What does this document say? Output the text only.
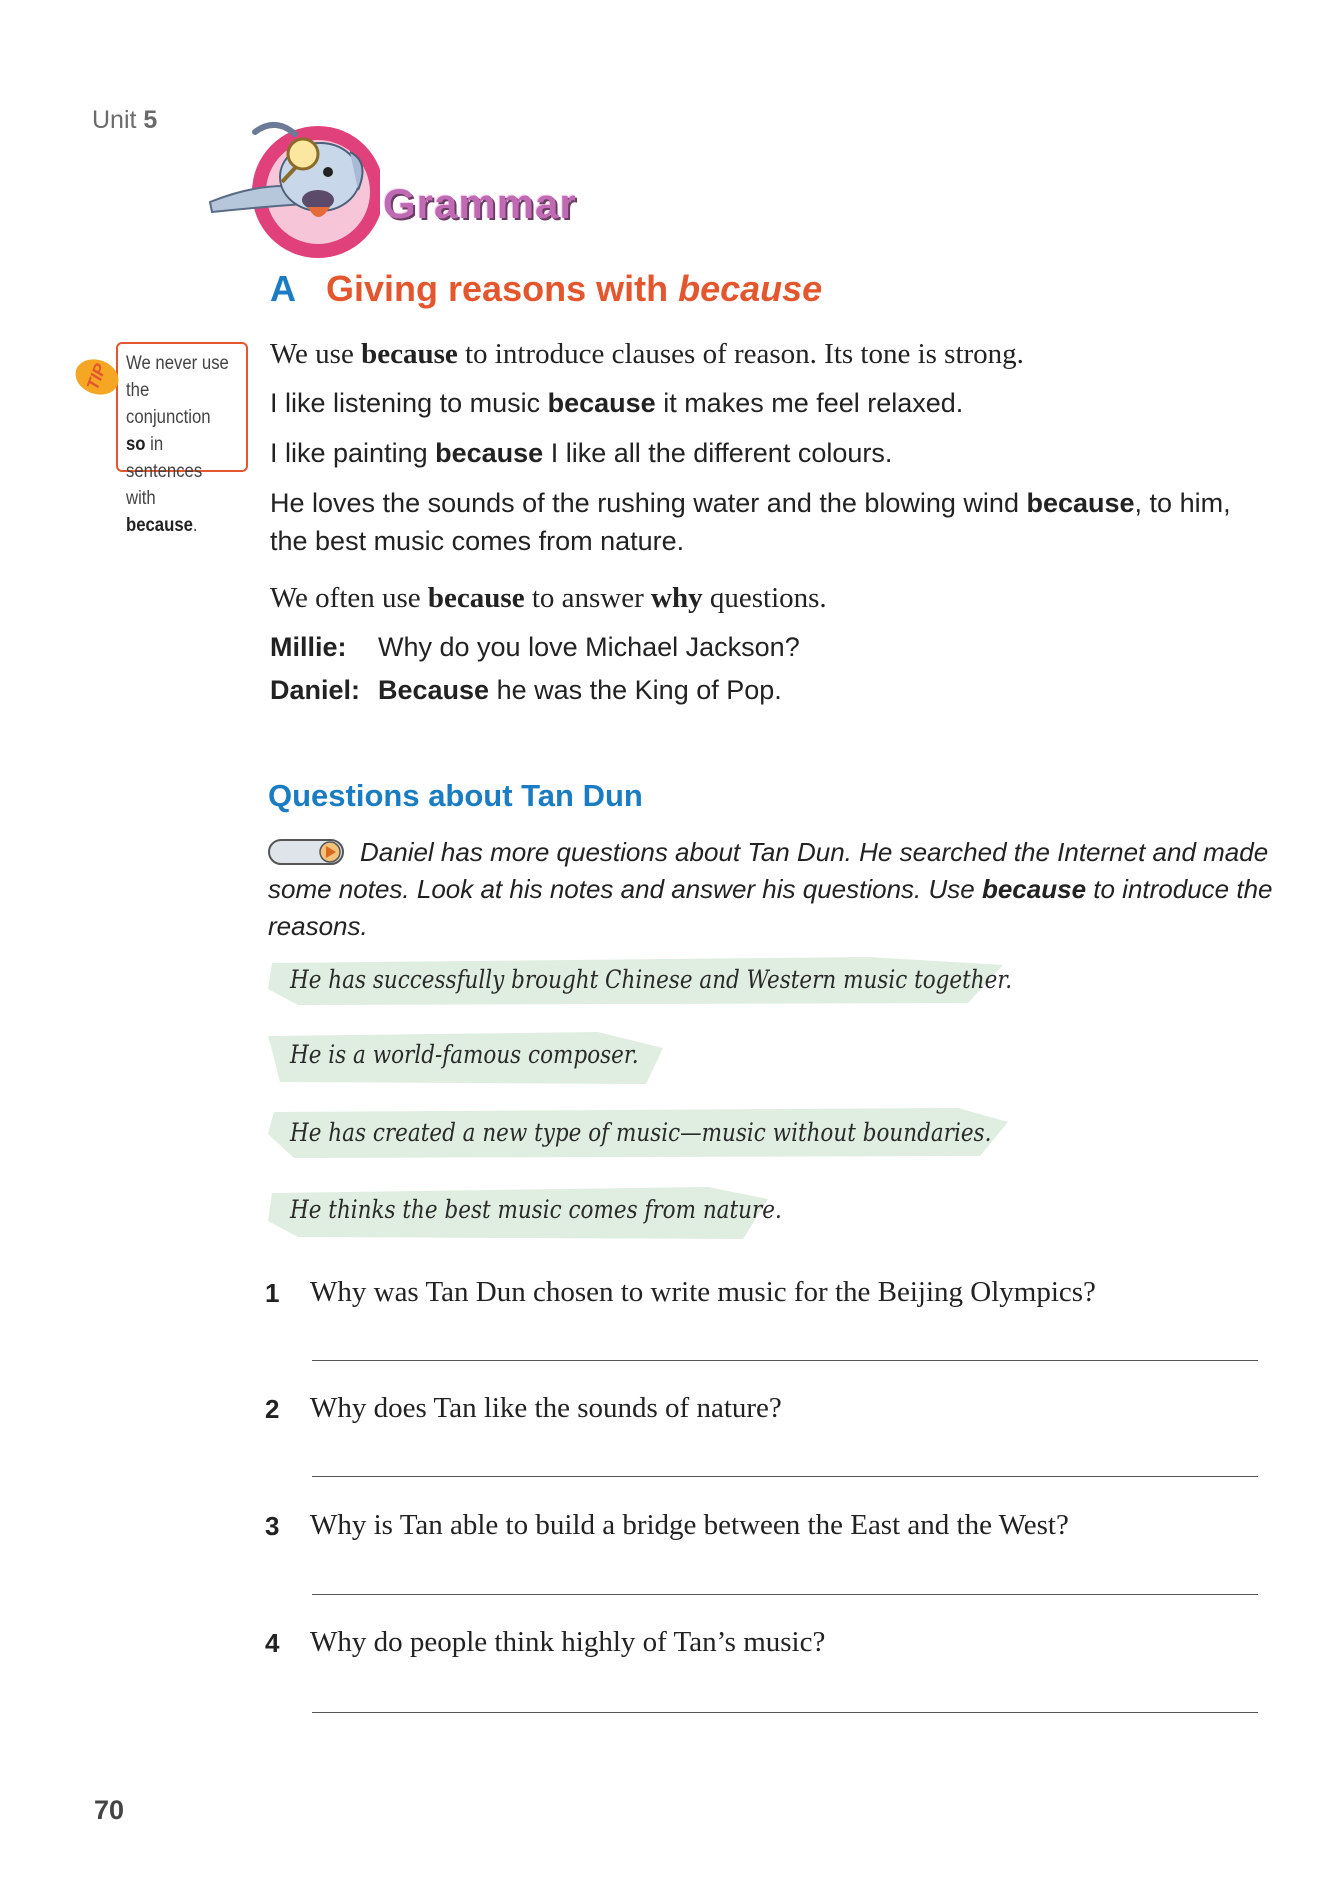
Unit 5
Grammar
A Giving reasons with because
TIP We never use
the conjunction
so in sentences
with because.
We use because to introduce clauses of reason. Its tone is strong.
I like listening to music because it makes me feel relaxed.
I like painting because I like all the different colours.
He loves the sounds of the rushing water and the blowing wind because, to him,
the best music comes from nature.
We often use because to answer why questions.
Millie: Why do you love Michael Jackson?
Daniel: Because he was the King of Pop.
Questions about Tan Dun
Daniel has more questions about Tan Dun. He searched the Internet and made some notes. Look at his notes and answer his questions. Use because to introduce the reasons.
He has successfully brought Chinese and Western music together.
He is a world-famous composer.
He has created a new type of music—music without boundaries.
He thinks the best music comes from nature.
1 Why was Tan Dun chosen to write music for the Beijing Olympics?
2 Why does Tan like the sounds of nature?
3 Why is Tan able to build a bridge between the East and the West?
4 Why do people think highly of Tan’s music?
70
